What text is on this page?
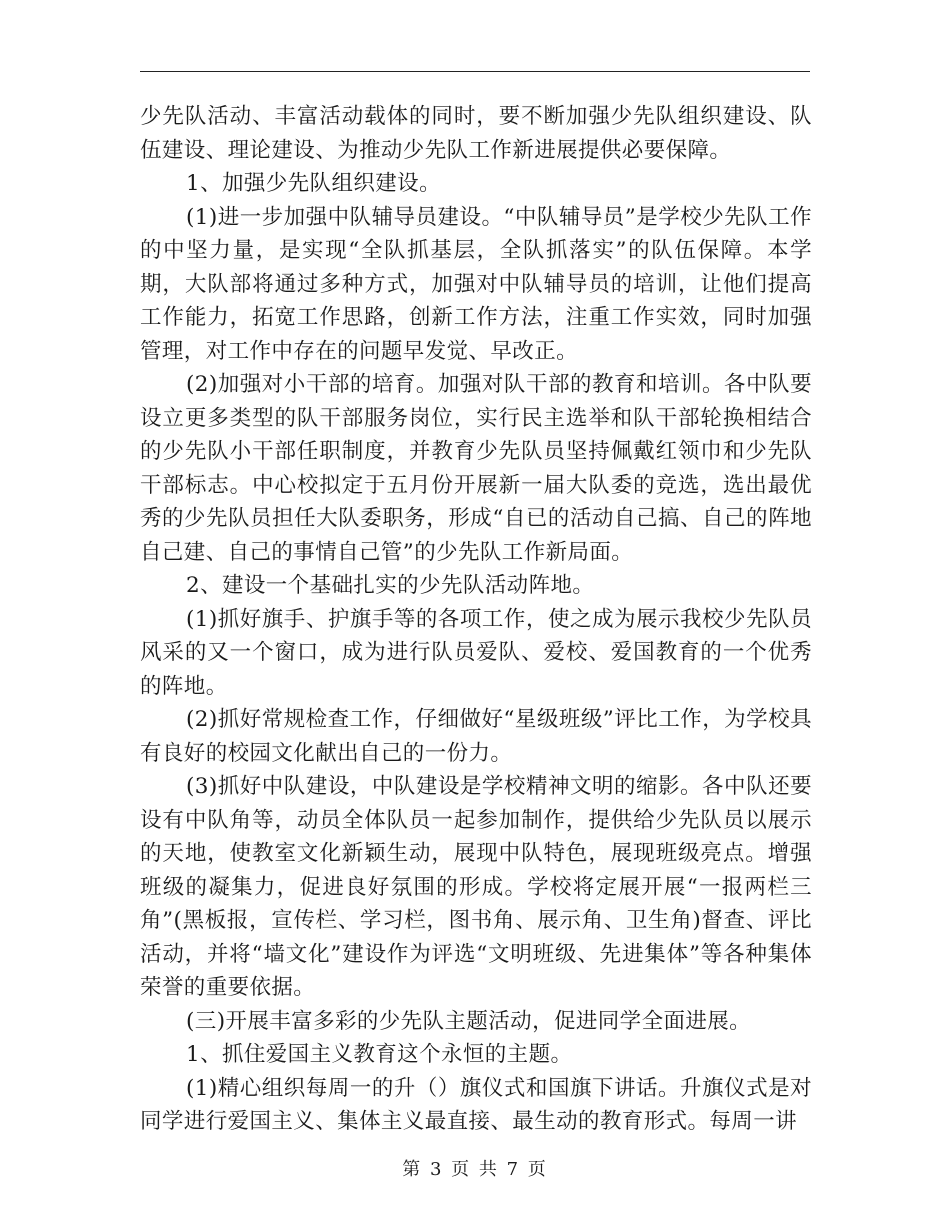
少先队活动、丰富活动载体的同时，要不断加强少先队组织建设、队伍建设、理论建设、为推动少先队工作新进展提供必要保障。

1、加强少先队组织建设。

(1)进一步加强中队辅导员建设。“中队辅导员”是学校少先队工作的中坚力量，是实现“全队抓基层，全队抓落实”的队伍保障。本学期，大队部将通过多种方式，加强对中队辅导员的培训，让他们提高工作能力，拓宽工作思路，创新工作方法，注重工作实效，同时加强管理，对工作中存在的问题早发觉、早改正。

(2)加强对小干部的培育。加强对队干部的教育和培训。各中队要设立更多类型的队干部服务岗位，实行民主选举和队干部轮换相结合的少先队小干部任职制度，并教育少先队员坚持佩戴红领巾和少先队干部标志。中心校拟定于五月份开展新一届大队委的竞选，选出最优秀的少先队员担任大队委职务，形成“自已的活动自己搞、自己的阵地自己建、自己的事情自己管”的少先队工作新局面。

2、建设一个基础扎实的少先队活动阵地。

(1)抓好旗手、护旗手等的各项工作，使之成为展示我校少先队员风采的又一个窗口，成为进行队员爱队、爱校、爱国教育的一个优秀的阵地。

(2)抓好常规检查工作，仔细做好“星级班级”评比工作，为学校具有良好的校园文化献出自己的一份力。

(3)抓好中队建设，中队建设是学校精神文明的缩影。各中队还要设有中队角等，动员全体队员一起参加制作，提供给少先队员以展示的天地，使教室文化新颖生动，展现中队特色，展现班级亮点。增强班级的凝集力，促进良好氛围的形成。学校将定展开展“一报两栏三角”(黑板报，宣传栏、学习栏，图书角、展示角、卫生角)督查、评比活动，并将“墙文化”建设作为评选“文明班级、先进集体”等各种集体荣誉的重要依据。

(三)开展丰富多彩的少先队主题活动，促进同学全面进展。

1、抓住爱国主义教育这个永恒的主题。

(1)精心组织每周一的升（）旗仪式和国旗下讲话。升旗仪式是对同学进行爱国主义、集体主义最直接、最生动的教育形式。每周一讲

第 3 页 共 7 页
